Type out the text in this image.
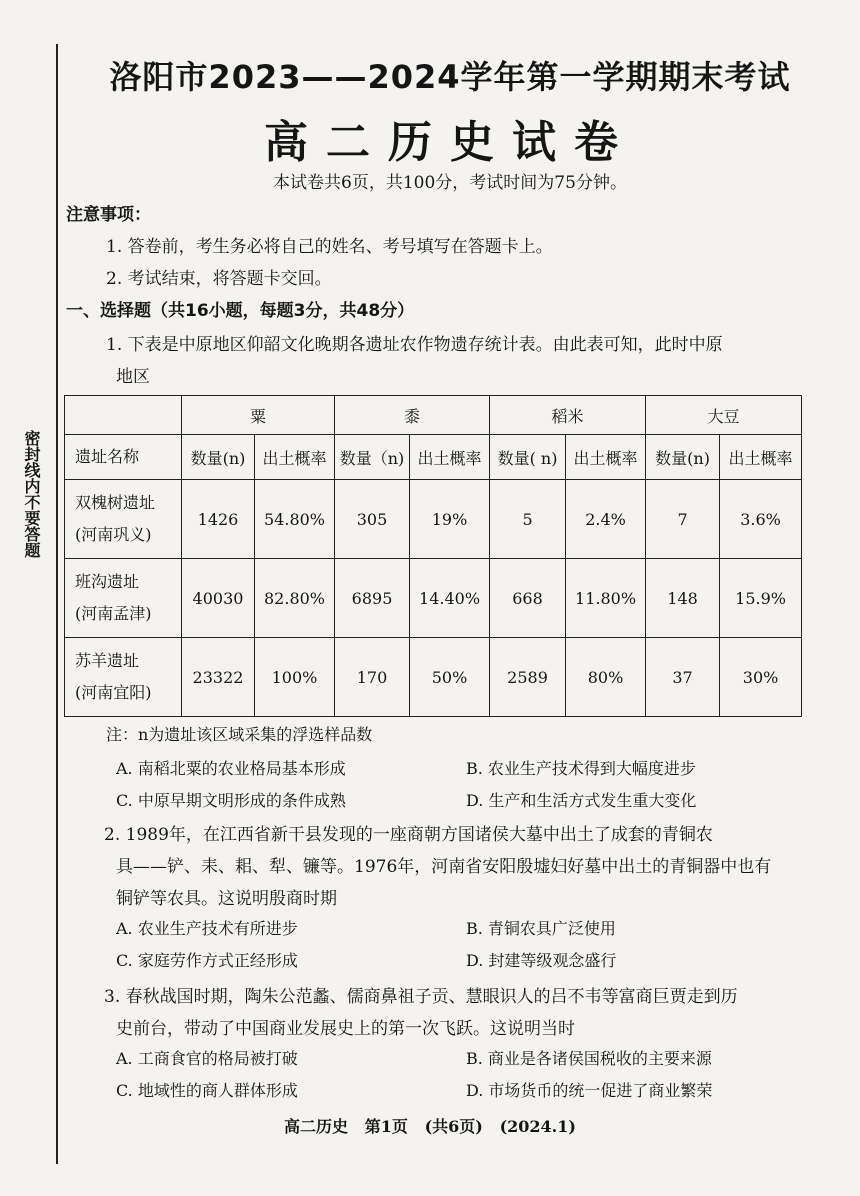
密封线内不要答题
洛阳市2023——2024学年第一学期期末考试
高二历史试卷
本试卷共6页，共100分，考试时间为75分钟。
注意事项：
1. 答卷前，考生务必将自己的姓名、考号填写在答题卡上。
2. 考试结束，将答题卡交回。
一、选择题（共16小题，每题3分，共48分）
1. 下表是中原地区仰韶文化晚期各遗址农作物遗存统计表。由此表可知，此时中原
地区
	粟		黍		稻米		大豆	
遗址名称	数量(n)	出土概率	数量（n)	出土概率	数量( n)	出土概率	数量(n)	出土概率

双槐树遗址
(河南巩义)	1426	54.80%	305	19%	5	2.4%	7	3.6%

班沟遗址
(河南孟津)	40030	82.80%	6895	14.40%	668	11.80%	148	15.9%

苏羊遗址
(河南宜阳)	23322	100%	170	50%	2589	80%	37	30%
注：n为遗址该区域采集的浮选样品数
A. 南稻北粟的农业格局基本形成	B. 农业生产技术得到大幅度进步
C. 中原早期文明形成的条件成熟	D. 生产和生活方式发生重大变化
2. 1989年，在江西省新干县发现的一座商朝方国诸侯大墓中出土了成套的青铜农
具——铲、耒、耜、犁、镰等。1976年，河南省安阳殷墟妇好墓中出土的青铜器中也有
铜铲等农具。这说明殷商时期
A. 农业生产技术有所进步	B. 青铜农具广泛使用
C. 家庭劳作方式正经形成	D. 封建等级观念盛行
3. 春秋战国时期，陶朱公范蠡、儒商鼻祖子贡、慧眼识人的吕不韦等富商巨贾走到历
史前台，带动了中国商业发展史上的第一次飞跃。这说明当时
A. 工商食官的格局被打破	B. 商业是各诸侯国税收的主要来源
C. 地域性的商人群体形成	D. 市场货币的统一促进了商业繁荣
高二历史   第1页   (共6页)   (2024.1)
